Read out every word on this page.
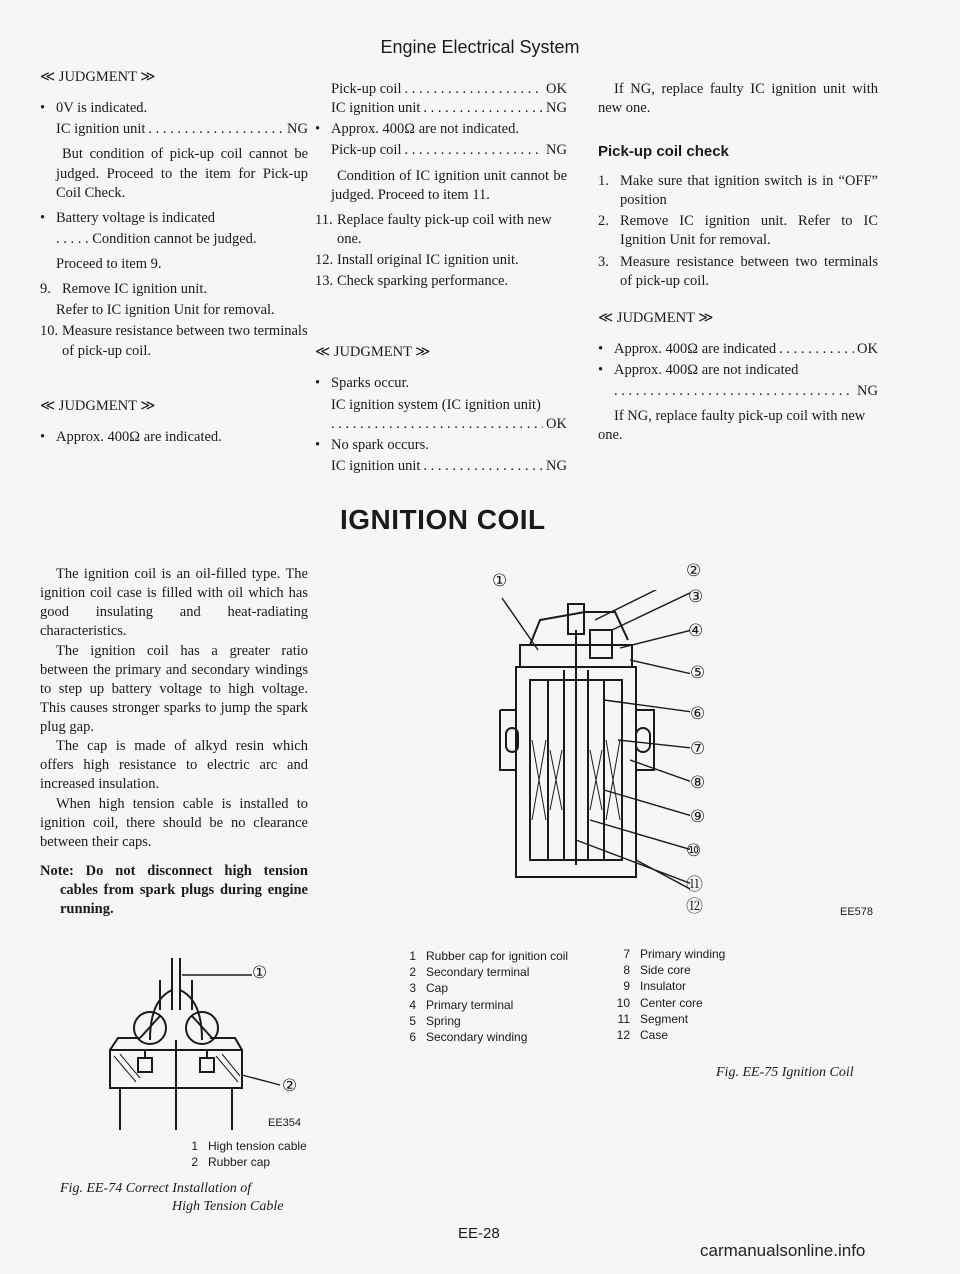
Engine Electrical System
≪ JUDGMENT ≫
• 0V is indicated.
IC ignition unit . . .	NG
But condition of pick-up coil cannot be judged. Proceed to the item for Pick-up Coil Check.
• Battery voltage is indicated
. . . . . Condition cannot be judged.
Proceed to item 9.
9. Remove IC ignition unit.
Refer to IC ignition Unit for removal.
10. Measure resistance between two terminals of pick-up coil.
≪ JUDGMENT ≫
• Approx. 400Ω are indicated.
The ignition coil is an oil-filled type. The ignition coil case is filled with oil which has good insulating and heat-radiating characteristics.
The ignition coil has a greater ratio between the primary and secondary windings to step up battery voltage to high voltage. This causes stronger sparks to jump the spark plug gap.
The cap is made of alkyd resin which offers high resistance to electric arc and increased insulation.
When high tension cable is installed to ignition coil, there should be no clearance between their caps.
Note: Do not disconnect high tension cables from spark plugs during engine running.
①
②
EE354
1 High tension cable
2 Rubber cap
Fig. EE-74 Correct Installation of
High Tension Cable
Pick-up coil . . .	OK
IC ignition unit . . .	NG
• Approx. 400Ω are not indicated.
Pick-up coil . . .	NG
Condition of IC ignition unit cannot be judged. Proceed to item 11.
11. Replace faulty pick-up coil with new one.
12. Install original IC ignition unit.
13. Check sparking performance.
≪ JUDGMENT ≫
• Sparks occur.
IC ignition system (IC ignition unit)
. . .
OK
• No spark occurs.
IC ignition unit . . .	NG
If NG, replace faulty IC ignition unit with new one.
Pick-up coil check
1. Make sure that ignition switch is in “OFF” position
2. Remove IC ignition unit. Refer to IC Ignition Unit for removal.
3. Measure resistance between two terminals of pick-up coil.
≪ JUDGMENT ≫
• Approx. 400Ω are indicated . . .	OK
• Approx. 400Ω are not indicated
. . .
NG
If NG, replace faulty pick-up coil with new one.
IGNITION COIL
①
②
③
④
⑤
⑥
⑦
⑧
⑨
⑩
⑪
⑫	EE578
1 Rubber cap for ignition coil
2 Secondary terminal
3 Cap
4 Primary terminal
5 Spring
6 Secondary winding
7 Primary winding
8 Side core
9 Insulator
10 Center core
11 Segment
12 Case
Fig. EE-75 Ignition Coil
EE-28
carmanualsonline.info
